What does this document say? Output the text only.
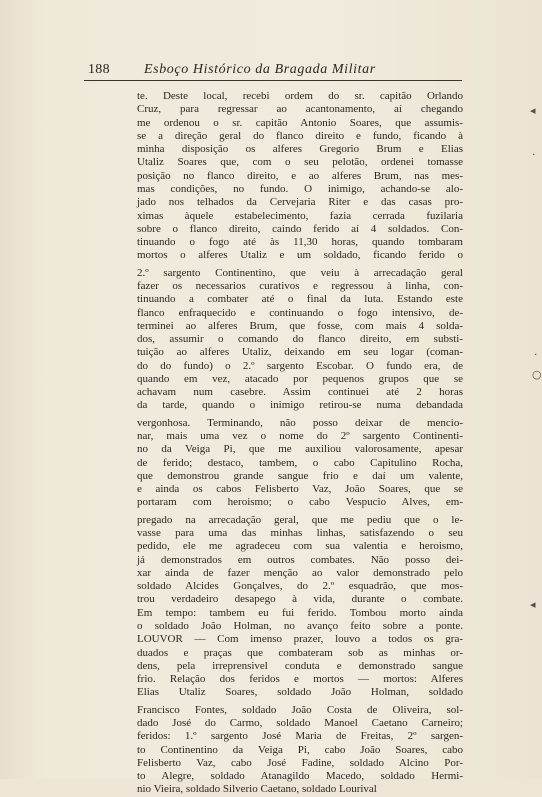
188 Esboço Histórico da Bragada Militar
te. Deste local, recebi ordem do sr. capitão Orlando
Cruz, para regressar ao acantonamento, aí chegando
me ordenou o sr. capitão Antonio Soares, que assumis-
se a direção geral do flanco direito e fundo, ficando à
minha disposição os alferes Gregorio Brum e Elias
Utaliz Soares que, com o seu pelotão, ordenei tomasse
posição no flanco direito, e ao alferes Brum, nas mes-
mas condições, no fundo. O inimigo, achando-se alo-
jado nos telhados da Cervejaria Riter e das casas pro-
ximas àquele estabelecimento, fazia cerrada fuzilaria
sobre o flanco direito, caindo ferido aí 4 soldados. Con-
tinuando o fogo até às 11,30 horas, quando tombaram
mortos o alferes Utaliz e um soldado, ficando ferido o
2.º sargento Continentino, que veiu à arrecadação geral
fazer os necessarios curativos e regressou à linha, con-
tinuando a combater até o final da luta. Estando este
flanco enfraquecido e continuando o fogo intensivo, de-
terminei ao alferes Brum, que fosse, com mais 4 solda-
dos, assumir o comando do flanco direito, em substi-
tuição ao alferes Utaliz, deixando em seu logar (coman-
do do fundo) o 2.º sargento Escobar. O fundo era, de
quando em vez, atacado por pequenos grupos que se
achavam num casebre. Assim continuei até 2 horas
da tarde, quando o inimigo retirou-se numa debandada
vergonhosa. Terminando, não posso deixar de mencio-
nar, mais uma vez o nome do 2º sargento Continenti-
no da Veiga Pi, que me auxiliou valorosamente, apesar
de ferido; destaco, tambem, o cabo Capitulino Rocha,
que demonstrou grande sangue frio e daí um valente,
e ainda os cabos Felisberto Vaz, João Soares, que se
portaram com heroismo; o cabo Vespucio Alves, em-
pregado na arrecadação geral, que me pediu que o le-
vasse para uma das minhas linhas, satisfazendo o seu
pedido, ele me agradeceu com sua valentia e heroismo,
já demonstrados em outros combates. Não posso dei-
xar ainda de fazer menção ao valor demonstrado pelo
soldado Alcides Gonçalves, do 2.º esquadrão, que mos-
trou verdadeiro desapego à vida, durante o combate.
Em tempo: tambem eu fui ferido. Tombou morto ainda
o soldado João Holman, no avanço feito sobre a ponte.
LOUVOR — Com imenso prazer, louvo a todos os gra-
duados e praças que combateram sob as minhas or-
dens, pela irreprensivel conduta e demonstrado sangue
frio. Relação dos feridos e mortos — mortos: Alferes
Elias Utaliz Soares, soldado João Holman, soldado
Francisco Fontes, soldado João Costa de Oliveira, sol-
dado José do Carmo, soldado Manoel Caetano Carneiro;
feridos: 1.º sargento José Maria de Freitas, 2º sargen-
to Continentino da Veiga Pi, cabo João Soares, cabo
Felisberto Vaz, cabo José Fadine, soldado Alcino Por-
to Alegre, soldado Atanagildo Macedo, soldado Hermi-
nio Vieira, soldado Silverio Caetano, soldado Lourival
◂
·
·
○
◂
